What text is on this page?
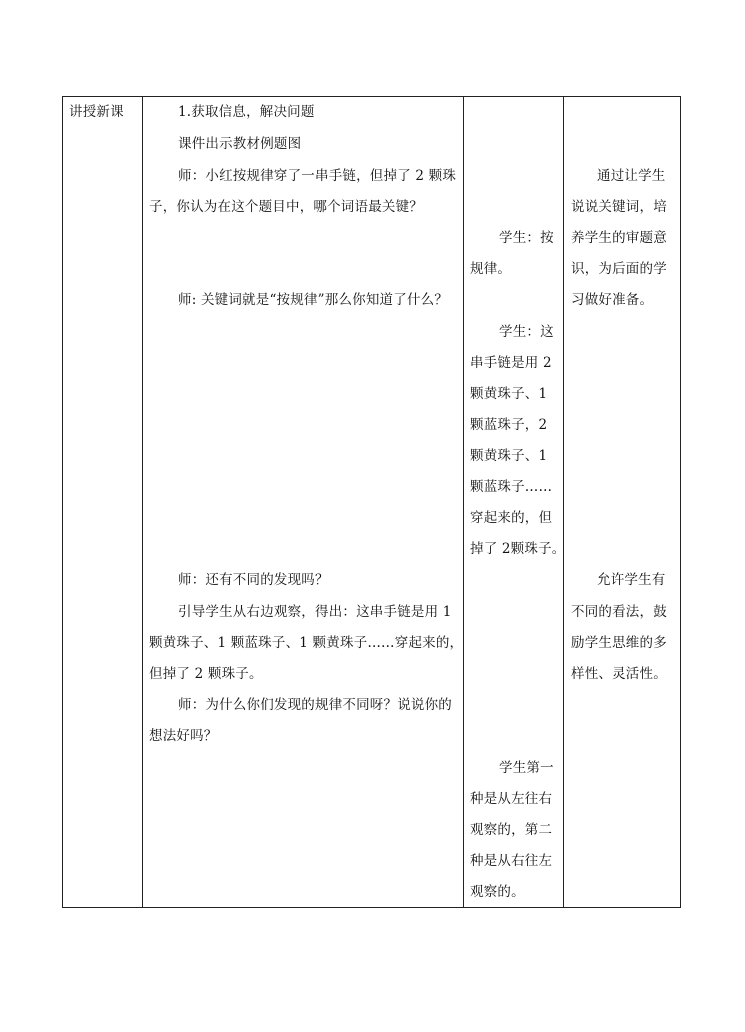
讲授新课	1.获取信息，解决问题
课件出示教材例题图
师：小红按规律穿了一串手链，但掉了 2 颗珠
子，你认为在这个题目中，哪个词语最关键？
师: 关键词就是“按规律”那么你知道了什么？
师：还有不同的发现吗？
引导学生从右边观察，得出：这串手链是用 1
颗黄珠子、1 颗蓝珠子、1 颗黄珠子……穿起来的，
但掉了 2 颗珠子。
师：为什么你们发现的规律不同呀？说说你的
想法好吗？
学生：按
规律。
学生：这
串手链是用 2
颗黄珠子、1
颗蓝珠子，2
颗黄珠子、1
颗蓝珠子……
穿起来的，但
掉了 2颗珠子。
学生第一
种是从左往右
观察的，第二
种是从右往左
观察的。
通过让学生
说说关键词，培
养学生的审题意
识，为后面的学
习做好准备。
允许学生有
不同的看法，鼓
励学生思维的多
样性、灵活性。
